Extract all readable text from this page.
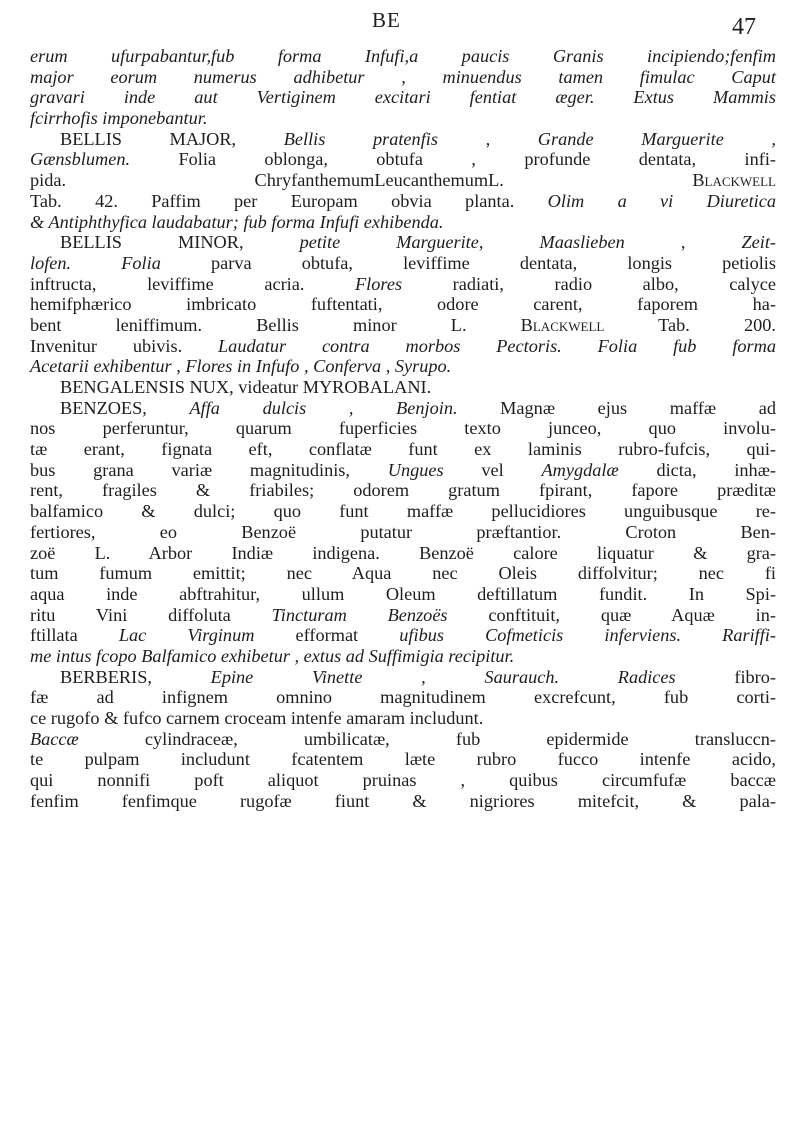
BE	47
erum ufurpabantur,fub forma Infufi,a paucis Granis incipiendo;fenfim
major eorum numerus adhibetur , minuendus tamen fimulac Caput
gravari inde aut Vertiginem excitari fentiat æger. Extus Mammis
fcirrhofis imponebantur.
BELLIS MAJOR, Bellis pratenfis , Grande Marguerite ,
Gænsblumen. Folia oblonga, obtufa , profunde dentata, infi-
pida. ChryfanthemumLeucanthemumL. Blackwell
Tab. 42. Paffim per Europam obvia planta. Olim a vi Diuretica
& Antiphthyfica laudabatur; fub forma Infufi exhibenda.
BELLIS MINOR, petite Marguerite, Maaslieben , Zeit-
lofen. Folia parva obtufa, leviffime dentata, longis petiolis
inftructa, leviffime acria. Flores radiati, radio albo, calyce
hemifphærico imbricato fuftentati, odore carent, faporem ha-
bent leniffimum. Bellis minor L. Blackwell Tab. 200.
Invenitur ubivis. Laudatur contra morbos Pectoris. Folia fub forma
Acetarii exhibentur , Flores in Infufo , Conferva , Syrupo.
BENGALENSIS NUX, videatur MYROBALANI.
BENZOES, Affa dulcis , Benjoin. Magnæ ejus maffæ ad
nos perferuntur, quarum fuperficies texto junceo, quo involu-
tæ erant, fignata eft, conflatæ funt ex laminis rubro-fufcis, qui-
bus grana variæ magnitudinis, Ungues vel Amygdalæ dicta, inhæ-
rent, fragiles & friabiles; odorem gratum fpirant, fapore præditæ
balfamico & dulci; quo funt maffæ pellucidiores unguibusque re-
fertiores, eo Benzoë putatur præftantior. Croton Ben-
zoë L. Arbor Indiæ indigena. Benzoë calore liquatur & gra-
tum fumum emittit; nec Aqua nec Oleis diffolvitur; nec fi
aqua inde abftrahitur, ullum Oleum deftillatum fundit. In Spi-
ritu Vini diffoluta Tincturam Benzoës conftituit, quæ Aquæ in-
ftillata Lac Virginum efformat ufibus Cofmeticis inferviens. Rariffi-
me intus fcopo Balfamico exhibetur , extus ad Suffimigia recipitur.
BERBERIS, Epine Vinette , Saurauch. Radices fibro-
fæ ad infignem omnino magnitudinem excrefcunt, fub corti-
ce rugofo & fufco carnem croceam intenfe amaram includunt.
Baccæ cylindraceæ, umbilicatæ, fub epidermide transluccn-
te pulpam includunt fcatentem læte rubro fucco intenfe acido,
qui nonnifi poft aliquot pruinas , quibus circumfufæ baccæ
fenfim fenfimque rugofæ fiunt & nigriores mitefcit, & pala-
